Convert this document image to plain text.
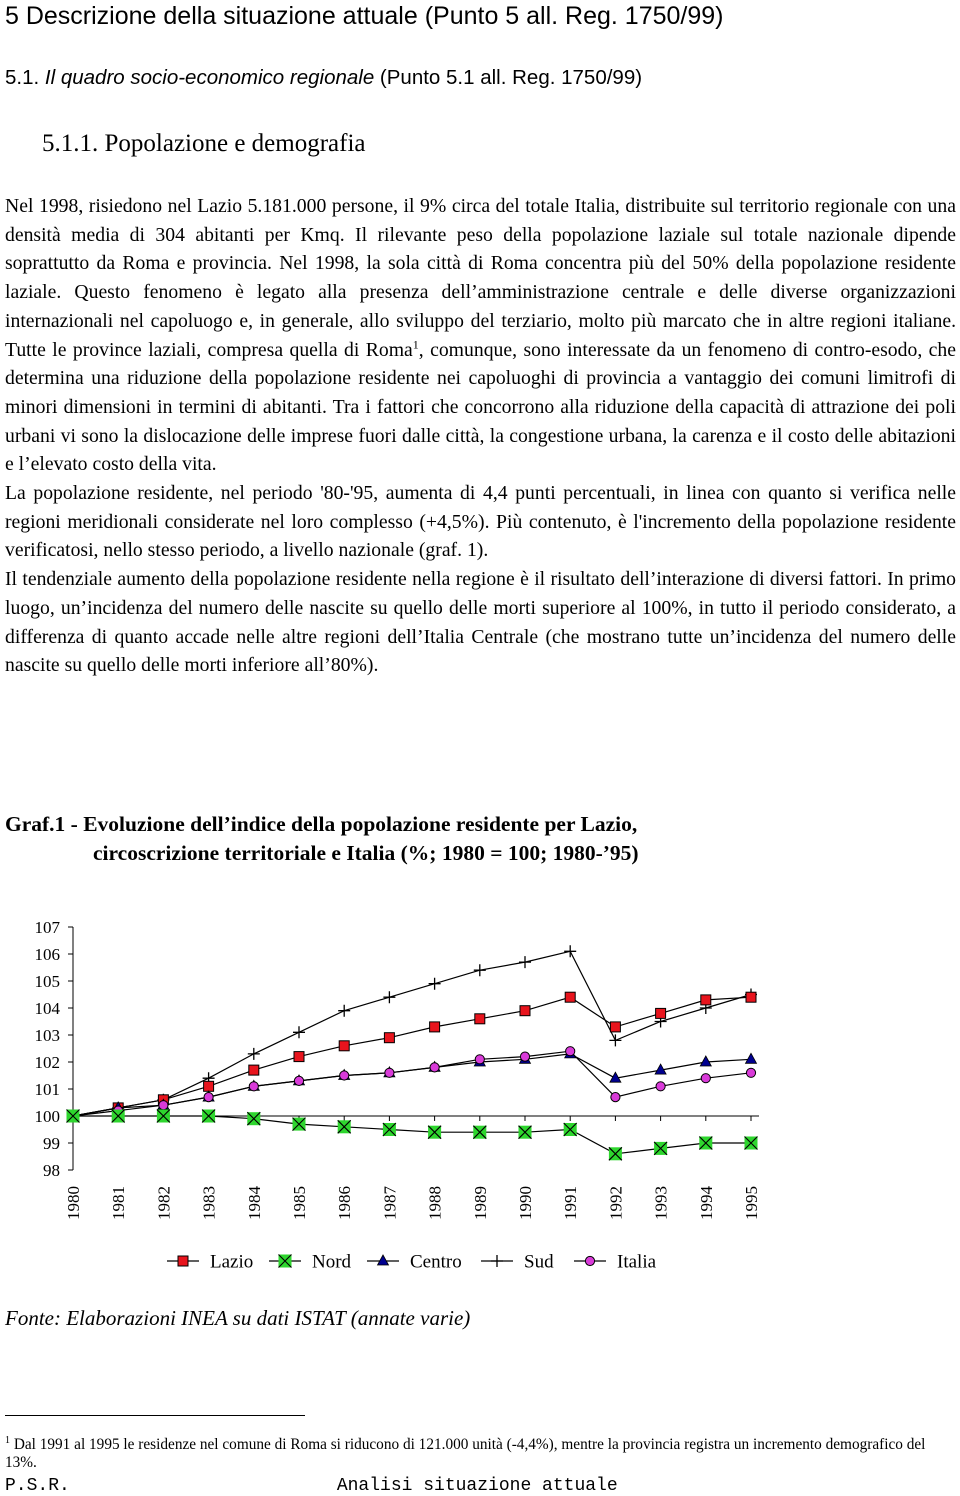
5 Descrizione della situazione attuale (Punto 5 all. Reg. 1750/99)
5.1. Il quadro socio-economico regionale (Punto 5.1 all. Reg. 1750/99)
5.1.1. Popolazione e demografia

Nel 1998, risiedono nel Lazio 5.181.000 persone, il 9% circa del totale Italia, distribuite sul territorio regionale con una densità media di 304 abitanti per Kmq. Il rilevante peso della popolazione laziale sul totale nazionale dipende soprattutto da Roma e provincia. Nel 1998, la sola città di Roma concentra più del 50% della popolazione residente laziale. Questo fenomeno è legato alla presenza dell’amministrazione centrale e delle diverse organizzazioni internazionali nel capoluogo e, in generale, allo sviluppo del terziario, molto più marcato che in altre regioni italiane. Tutte le province laziali, compresa quella di Roma$^1$, comunque, sono interessate da un fenomeno di contro-esodo, che determina una riduzione della popolazione residente nei capoluoghi di provincia a vantaggio dei comuni limitrofi di minori dimensioni in termini di abitanti. Tra i fattori che concorrono alla riduzione della capacità di attrazione dei poli urbani vi sono la dislocazione delle imprese fuori dalle città, la congestione urbana, la carenza e il costo delle abitazioni e l’elevato costo della vita.

La popolazione residente, nel periodo '80-'95, aumenta di 4,4 punti percentuali, in linea con quanto si verifica nelle regioni meridionali considerate nel loro complesso (+4,5%). Più contenuto, è l'incremento della popolazione residente verificatosi, nello stesso periodo, a livello nazionale (graf. 1).

Il tendenziale aumento della popolazione residente nella regione è il risultato dell’interazione di diversi fattori. In primo luogo, un’incidenza del numero delle nascite su quello delle morti superiore al 100%, in tutto il periodo considerato, a differenza di quanto accade nelle altre regioni dell’Italia Centrale (che mostrano tutte un’incidenza del numero delle nascite su quello delle morti inferiore all’80%).

Graf.1 - Evoluzione dell’indice della popolazione residente per Lazio,
circoscrizione territoriale e Italia (%; 1980 = 100; 1980-’95)
107
106
105
104
103
102
101
100
99
98
1980 1981 1982 1983 1984 1985 1986 1987 1988 1989 1990 1991 1992 1993 1994 1995
Lazio	Nord	Centro	Sud	Italia
Fonte: Elaborazioni INEA su dati ISTAT (annate varie)
$^1$ Dal 1991 al 1995 le residenze nel comune di Roma si riducono di 121.000 unità (-4,4%), mentre la provincia registra un incremento demografico del 13%.
P.S.R.	Analisi situazione attuale
